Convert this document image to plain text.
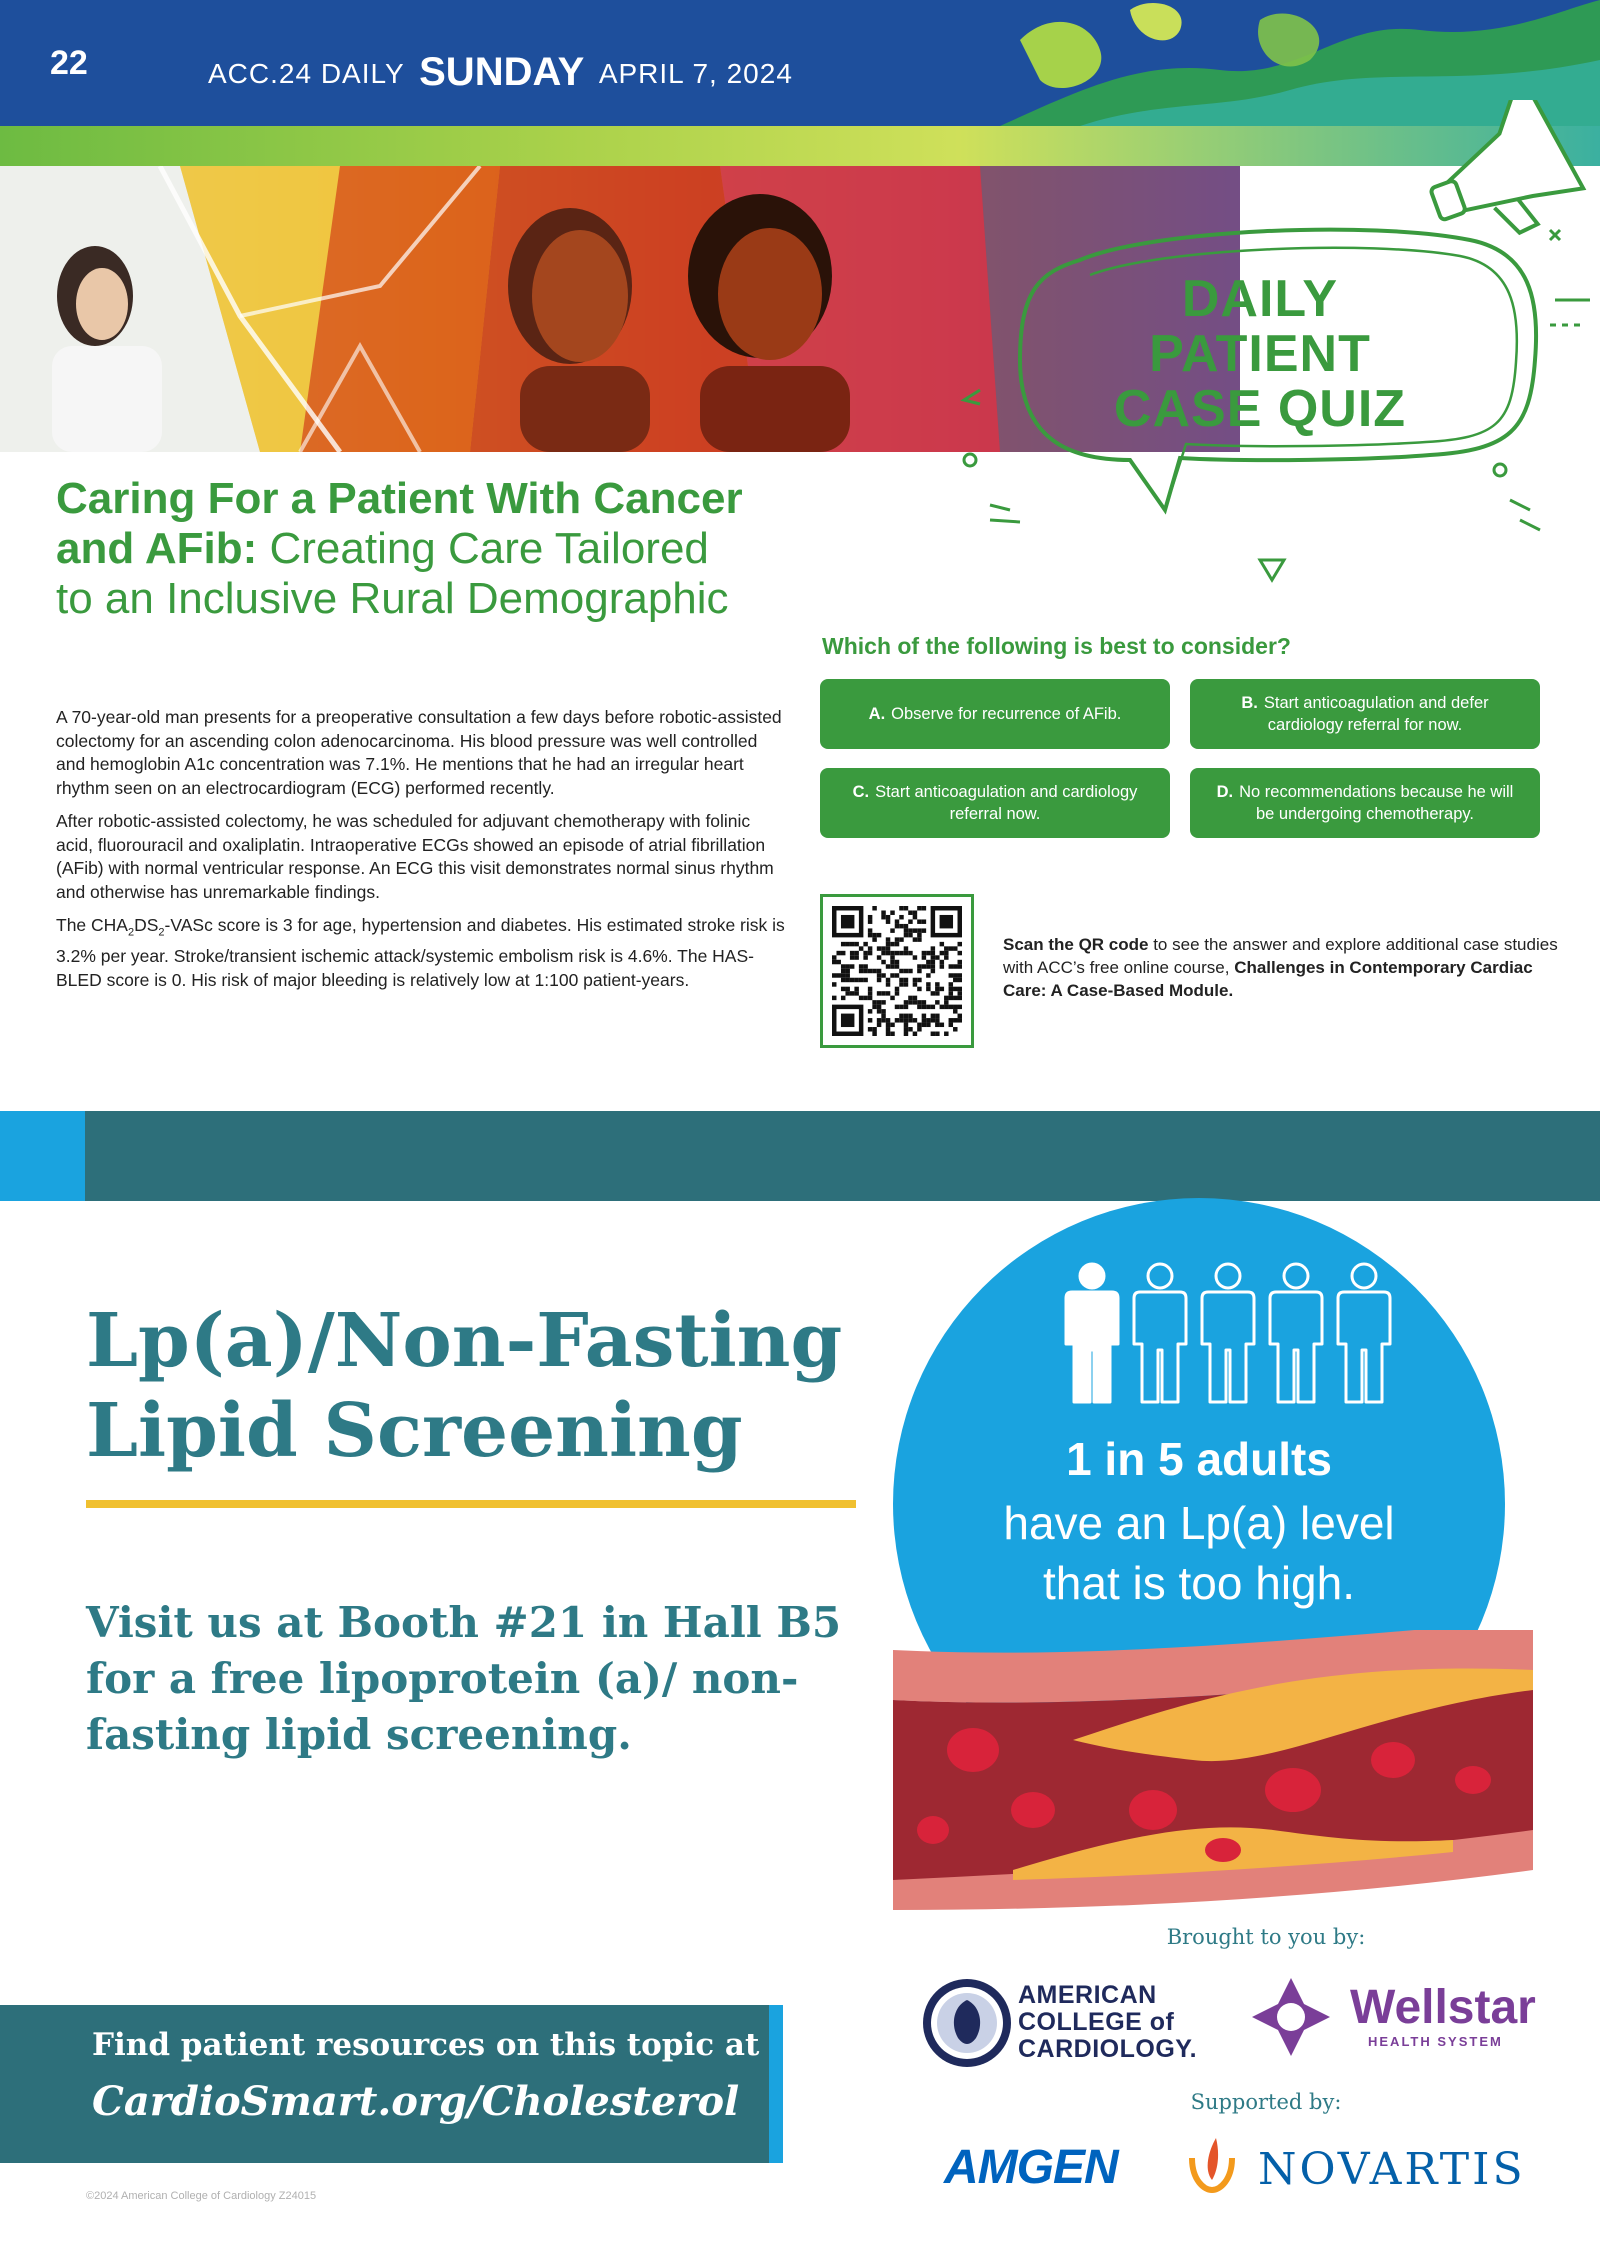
22	ACC.24 DAILY SUNDAY APRIL 7, 2024
DAILY
PATIENT
CASE QUIZ
Caring For a Patient With Cancer and AFib: Creating Care Tailored to an Inclusive Rural Demographic

A 70-year-old man presents for a preoperative consultation a few days before robotic-assisted colectomy for an ascending colon adenocarcinoma. His blood pressure was well controlled and hemoglobin A1c concentration was 7.1%. He mentions that he had an irregular heart rhythm seen on an electrocardiogram (ECG) performed recently.

After robotic-assisted colectomy, he was scheduled for adjuvant chemotherapy with folinic acid, fluorouracil and oxaliplatin. Intraoperative ECGs showed an episode of atrial fibrillation (AFib) with normal ventricular response. An ECG this visit demonstrates normal sinus rhythm and otherwise has unremarkable findings.

The $CHA_2DS_2$-VASc score is 3 for age, hypertension and diabetes. His estimated stroke risk is 3.2% per year. Stroke/transient ischemic attack/systemic embolism risk is 4.6%. The HAS-BLED score is 0. His risk of major bleeding is relatively low at 1:100 patient-years.

Which of the following is best to consider?
A. Observe for recurrence of AFib.
B. Start anticoagulation and defer cardiology referral for now.
C. Start anticoagulation and cardiology referral now.
D. No recommendations because he will be undergoing chemotherapy.
Scan the QR code to see the answer and explore additional case studies with ACC’s free online course, Challenges in Contemporary Cardiac Care: A Case-Based Module.
Lp(a)/Non-Fasting
Lipid Screening
Visit us at Booth #21 in Hall B5 for a free lipoprotein (a)/ non-fasting lipid screening.
1 in 5 adults
have an Lp(a) level
that is too high.
Find patient resources on this topic at
CardioSmart.org/Cholesterol
©2024 American College of Cardiology Z24015
Brought to you by:
AMERICAN
COLLEGE of
CARDIOLOGY.
Wellstar
HEALTH SYSTEM
Supported by:
AMGEN	NOVARTIS
